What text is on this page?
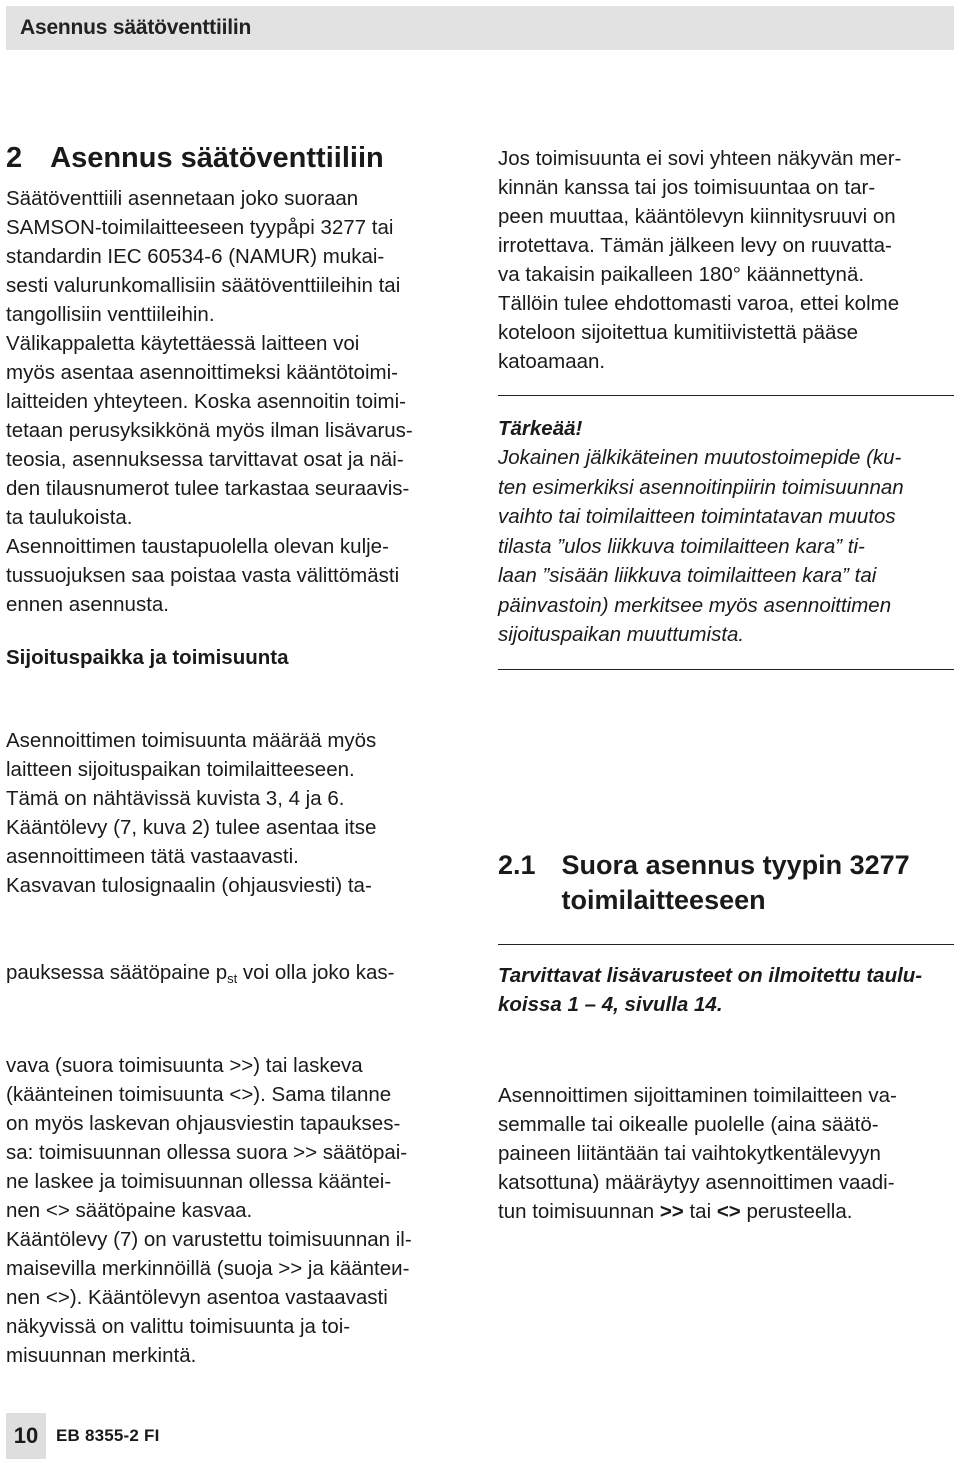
Asennus säätöventtiilin
2 Asennus säätöventtiiliin
Säätöventtiili asennetaan joko suoraan
SAMSON-toimilaitteeseen tyypåpi 3277 tai
standardin IEC 60534-6 (NAMUR) mukai-
sesti valurunkomallisiin säätöventtiileihin tai
tangollisiin venttiileihin.
Välikappaletta käytettäessä laitteen voi
myös asentaa asennoittimeksi kääntötoimi-
laitteiden yhteyteen. Koska asennoitin toimi-
tetaan perusyksikkönä myös ilman lisävarus-
teosia, asennuksessa tarvittavat osat ja näi-
den tilausnumerot tulee tarkastaa seuraavis-
ta taulukoista.
Asennoittimen taustapuolella olevan kulje-
tussuojuksen saa poistaa vasta välittömästi
ennen asennusta.
Sijoituspaikka ja toimisuunta

Asennoittimen toimisuunta määrää myös
laitteen sijoituspaikan toimilaitteeseen.
Tämä on nähtävissä kuvista 3, 4 ja 6.
Kääntölevy (7, kuva 2) tulee asentaa itse
asennoittimeen tätä vastaavasti.
Kasvavan tulosignaalin (ohjausviesti) ta-

pauksessa säätöpaine $p_{st}$ voi olla joko kas-

vava (suora toimisuunta >>) tai laskeva
(käänteinen toimisuunta <>). Sama tilanne
on myös laskevan ohjausviestin tapaukses-
sa: toimisuunnan ollessa suora >> säätöpai-
ne laskee ja toimisuunnan ollessa kääntei-
nen <> säätöpaine kasvaa.
Kääntölevy (7) on varustettu toimisuunnan il-
maisevilla merkinnöillä (suoja >> ja käänteи-
nen <>). Kääntölevyn asentoa vastaavasti
näkyvissä on valittu toimisuunta ja toi-
misuunnan merkintä.

Jos toimisuunta ei sovi yhteen näkyvän mer-
kinnän kanssa tai jos toimisuuntaa on tar-
peen muuttaa, kääntölevyn kiinnitysruuvi on
irrotettava. Tämän jälkeen levy on ruuvatta-
va takaisin paikalleen 180° käännettynä.
Tällöin tulee ehdottomasti varoa, ettei kolme
koteloon sijoitettua kumitiivistettä pääse
katoamaan.
Tärkeää!
Jokainen jälkikäteinen muutostoimepide (ku-
ten esimerkiksi asennoitinpiirin toimisuunnan
vaihto tai toimilaitteen toimintatavan muutos
tilasta ”ulos liikkuva toimilaitteen kara” ti-
laan ”sisään liikkuva toimilaitteen kara” tai
päinvastoin) merkitsee myös asennoittimen
sijoituspaikan muuttumista.
2.1 Suora asennus tyypin 3277
toimilaitteeseen
Tarvittavat lisävarusteet on ilmoitettu taulu-
koissa 1 – 4, sivulla 14.
Asennoittimen sijoittaminen toimilaitteen va-
semmalle tai oikealle puolelle (aina säätö-
paineen liitäntään tai vaihtokytkentälevyyn
katsottuna) määräytyy asennoittimen vaadi-
tun toimisuunnan >> tai <> perusteella.
10	EB 8355-2 FI
